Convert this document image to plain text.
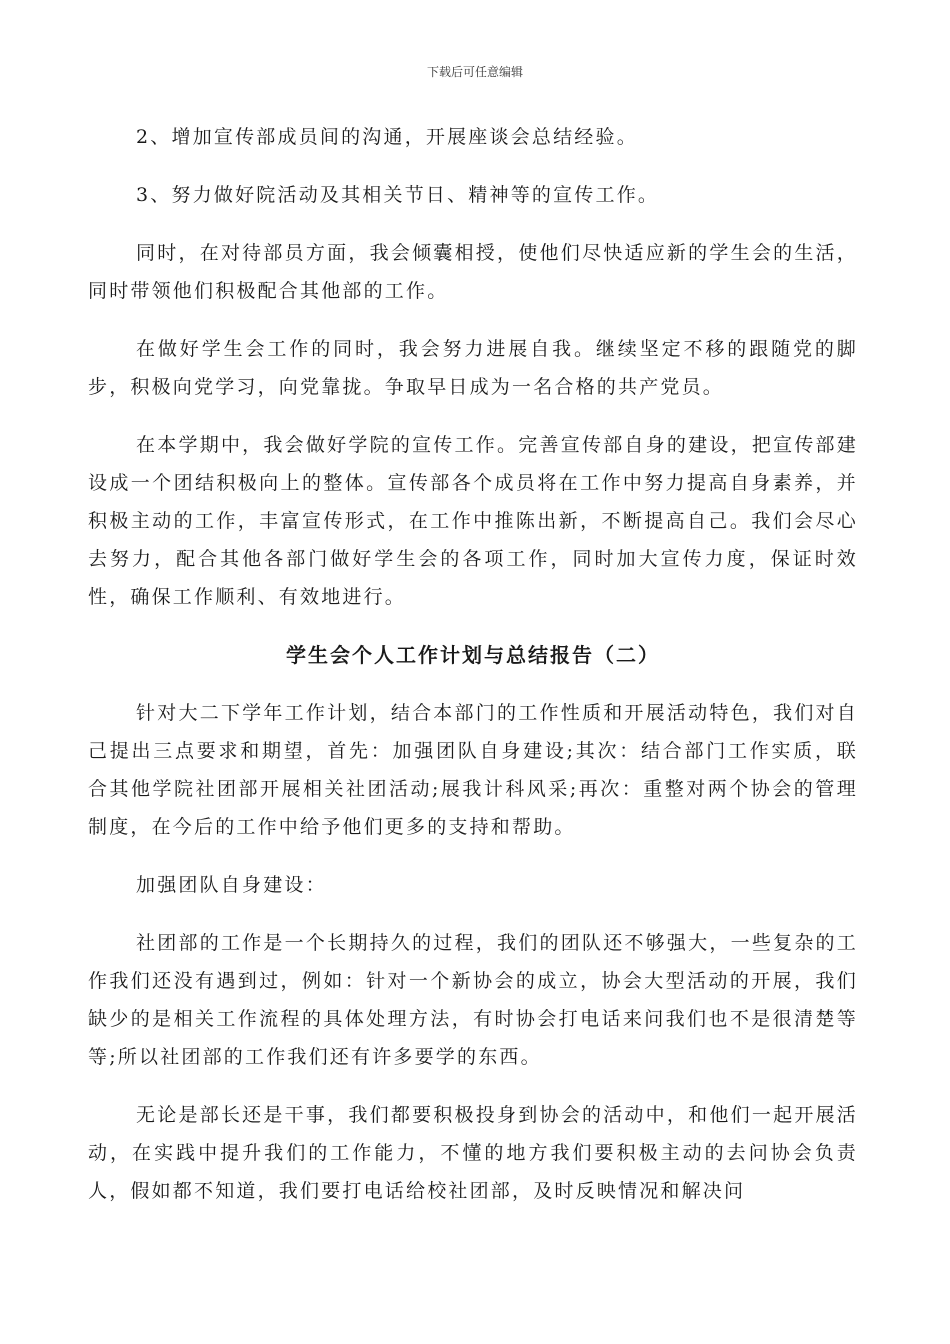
下载后可任意编辑

2、增加宣传部成员间的沟通，开展座谈会总结经验。

3、努力做好院活动及其相关节日、精神等的宣传工作。

同时，在对待部员方面，我会倾囊相授，使他们尽快适应新的学生会的生活，同时带领他们积极配合其他部的工作。

在做好学生会工作的同时，我会努力进展自我。继续坚定不移的跟随党的脚步，积极向党学习，向党靠拢。争取早日成为一名合格的共产党员。

在本学期中，我会做好学院的宣传工作。完善宣传部自身的建设，把宣传部建设成一个团结积极向上的整体。宣传部各个成员将在工作中努力提高自身素养，并积极主动的工作，丰富宣传形式，在工作中推陈出新，不断提高自己。我们会尽心去努力，配合其他各部门做好学生会的各项工作，同时加大宣传力度，保证时效性，确保工作顺利、有效地进行。

学生会个人工作计划与总结报告（二）

针对大二下学年工作计划，结合本部门的工作性质和开展活动特色，我们对自己提出三点要求和期望，首先：加强团队自身建设;其次：结合部门工作实质，联合其他学院社团部开展相关社团活动;展我计科风采;再次：重整对两个协会的管理制度，在今后的工作中给予他们更多的支持和帮助。

加强团队自身建设：

社团部的工作是一个长期持久的过程，我们的团队还不够强大，一些复杂的工作我们还没有遇到过，例如：针对一个新协会的成立，协会大型活动的开展，我们缺少的是相关工作流程的具体处理方法，有时协会打电话来问我们也不是很清楚等等;所以社团部的工作我们还有许多要学的东西。

无论是部长还是干事，我们都要积极投身到协会的活动中，和他们一起开展活动，在实践中提升我们的工作能力，不懂的地方我们要积极主动的去问协会负责人，假如都不知道，我们要打电话给校社团部，及时反映情况和解决问
